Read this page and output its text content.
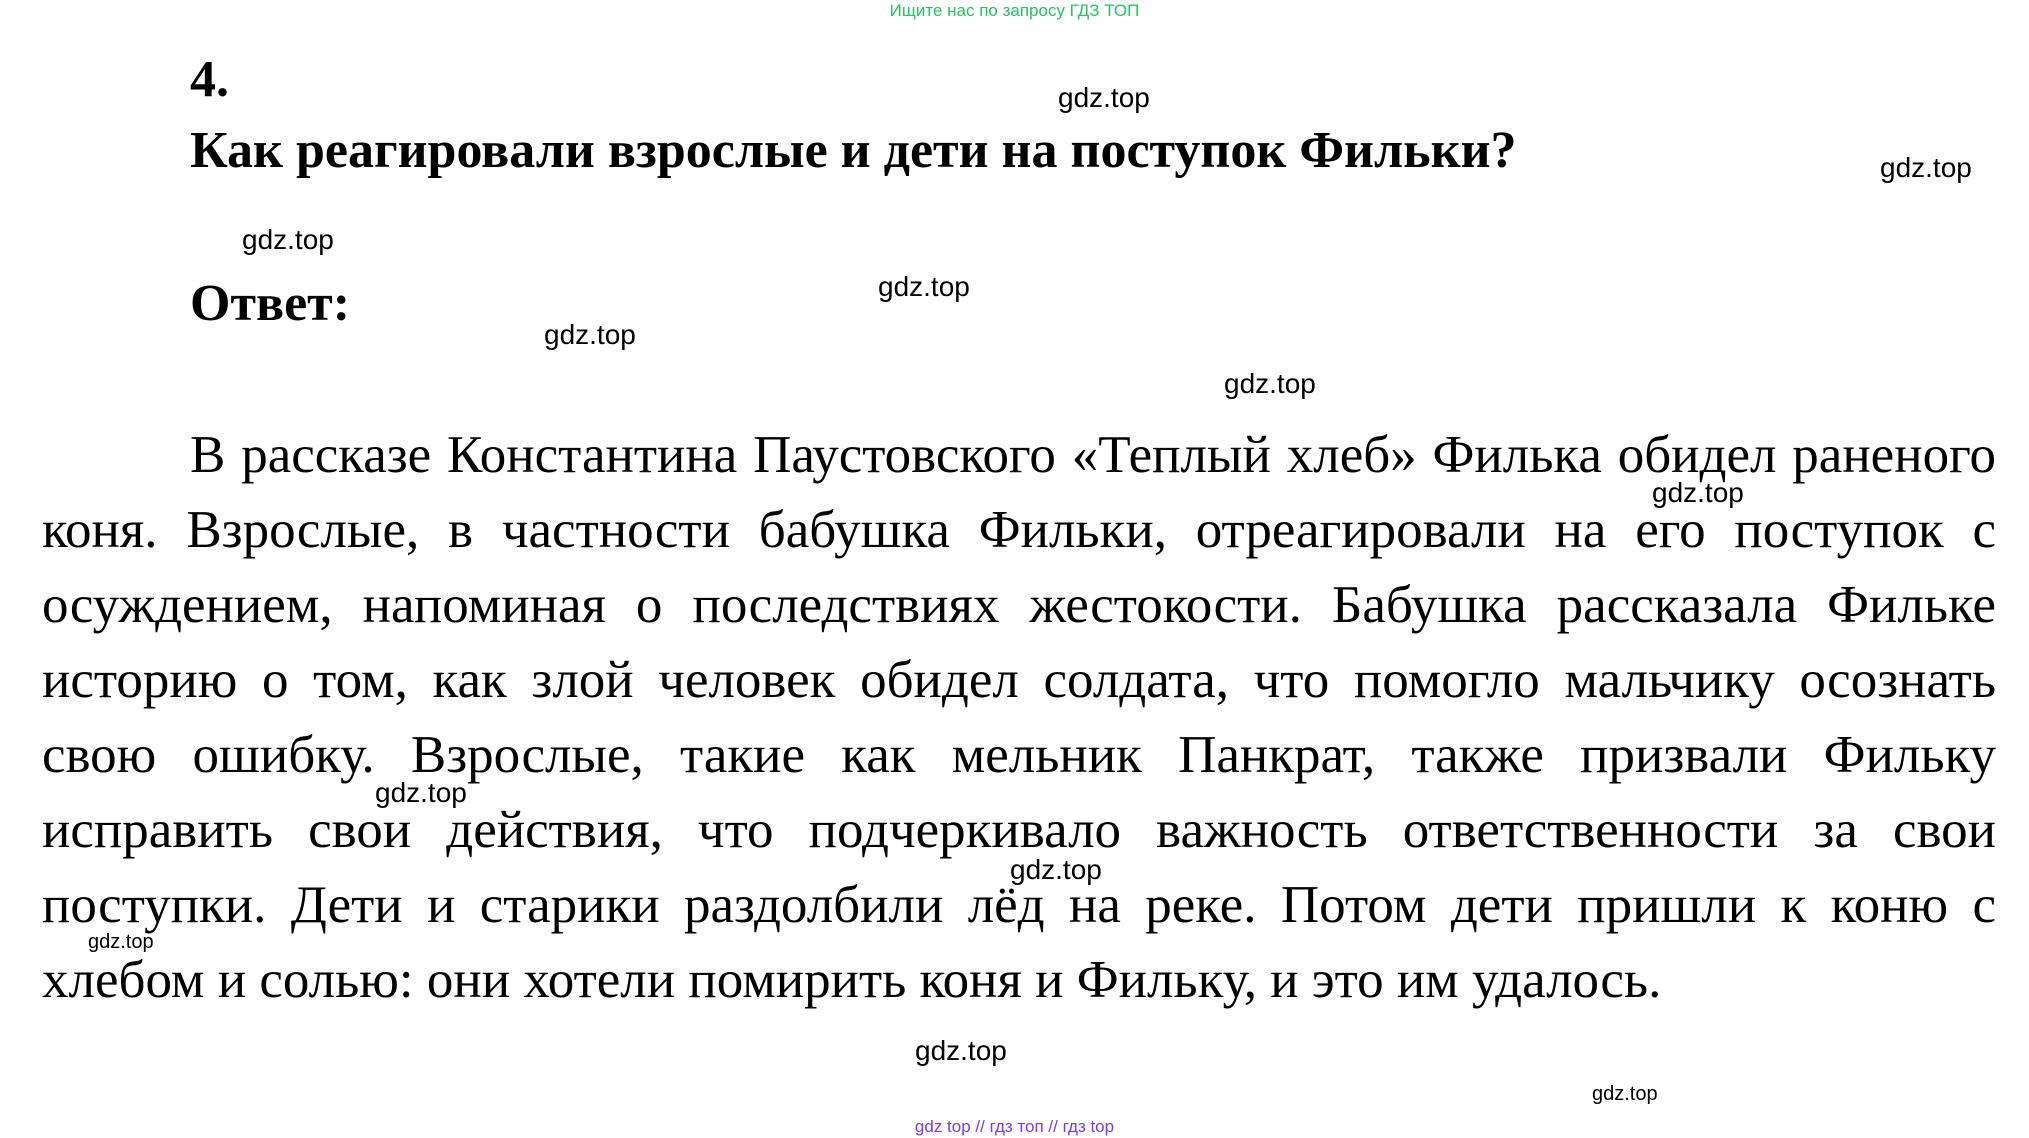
Ищите нас по запросу ГДЗ ТОП
4.
Как реагировали взрослые и дети на поступок Фильки?
Ответ:

В рассказе Константина Паустовского «Теплый хлеб» Филька обидел раненого коня. Взрослые, в частности бабушка Фильки, отреагировали на его поступок с осуждением, напоминая о последствиях жестокости. Бабушка рассказала Фильке историю о том, как злой человек обидел солдата, что помогло мальчику осознать свою ошибку. Взрослые, такие как мельник Панкрат, также призвали Фильку исправить свои действия, что подчеркивало важность ответственности за свои поступки. Дети и старики раздолбили лёд на реке. Потом дети пришли к коню с хлебом и солью: они хотели помирить коня и Фильку, и это им удалось.

gdz.top
gdz.top
gdz.top
gdz.top
gdz.top
gdz.top
gdz.top
gdz.top
gdz.top
gdz.top
gdz.top
gdz.top
gdz top // гдз топ // гдз top
